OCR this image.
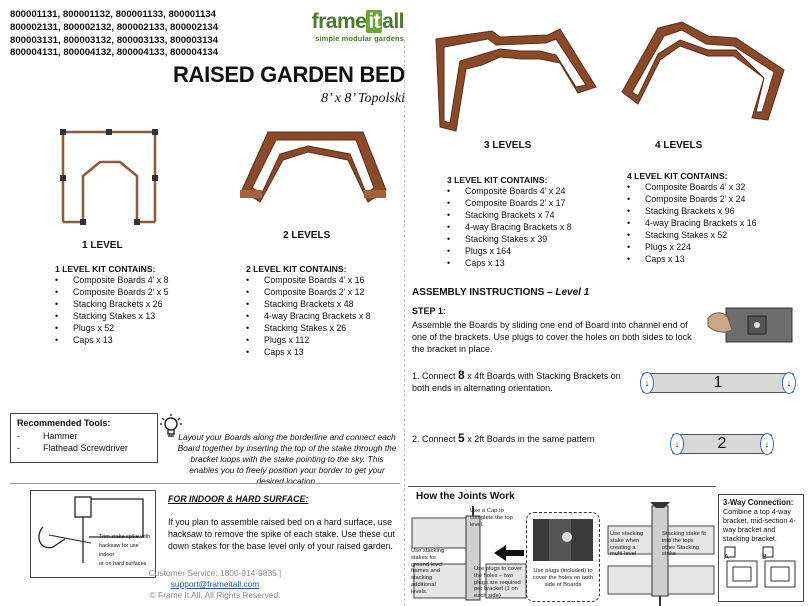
800001131, 800001132, 800001133, 800001134
800002131, 800002132, 800002133, 800002134
800003131, 800003132, 800003133, 800003134
800004131, 800004132, 800004133, 800004134
frameitall
simple modular gardens
RAISED GARDEN BED
8’ x 8’ Topolski
1 LEVEL
2 LEVELS
1 LEVEL KIT CONTAINS:
• Composite Boards 4’ x 8
• Composite Boards 2’ x 5
• Stacking Brackets x 26
• Stacking Stakes x 13
• Plugs x 52
• Caps x 13
2 LEVEL KIT CONTAINS:
• Composite Boards 4’ x 16
• Composite Boards 2’ x 12
• Stacking Brackets x 48
• 4-way Bracing Brackets x 8
• Stacking Stakes x 26
• Plugs x 112
• Caps x 13
Recommended Tools:
-	Hammer
-	Flathead Screwdriver
Layout your Boards along the borderline and connect each Board together by inserting the top of the stake through the bracket loops with the stake pointing to the sky. This enables you to freely position your border to get your desired location.
Trim stake spike with
hacksaw for use indoor
or on hard surfaces
FOR INDOOR & HARD SURFACE:
If you plan to assemble raised bed on a hard surface, use hacksaw to remove the spike of each stake. Use these cut down stakes for the base level only of your raised garden.
Customer Service: 1800-914-9835 |
support@frameitall.com
© Frame It All. All Rights Reserved.
3 LEVELS	4 LEVELS
3 LEVEL KIT CONTAINS:
• Composite Boards 4’ x 24
• Composite Boards 2’ x 17
• Stacking Brackets x 74
• 4-way Bracing Brackets x 8
• Stacking Stakes x 39
• Plugs x 164
• Caps x 13
4 LEVEL KIT CONTAINS:
• Composite Boards 4’ x 32
• Composite Boards 2’ x 24
• Stacking Brackets x 96
• 4-way Bracing Brackets x 16
• Stacking Stakes x 52
• Plugs x 224
• Caps x 13
ASSEMBLY INSTRUCTIONS – Level 1
STEP 1:
Assemble the Boards by sliding one end of Board into channel end of one of the brackets. Use plugs to cover the holes on both sides to lock the bracket in place.
1. Connect 8 x 4ft Boards with Stacking Brackets on both ends in alternating orientation.	↓	1	↓
2. Connect 5 x 2ft Boards in the same pattern	↓ 2	↓
How the Joints Work
Use a Cap to complete the top level.
Use stacking stakes for ground level frames and stacking additional levels.
Use plugs to cover the holes – two plugs are required per bracket (1 on each side)
Use plugs (included) to cover the holes on both side of Boards
Use stacking stake when creating a multi-level
Stacking stake fit into the tops other Stacking stake
3-Way Connection:
Combine a top 4-way bracket, mid-section 4-way bracket and stacking bracket.
A	B
